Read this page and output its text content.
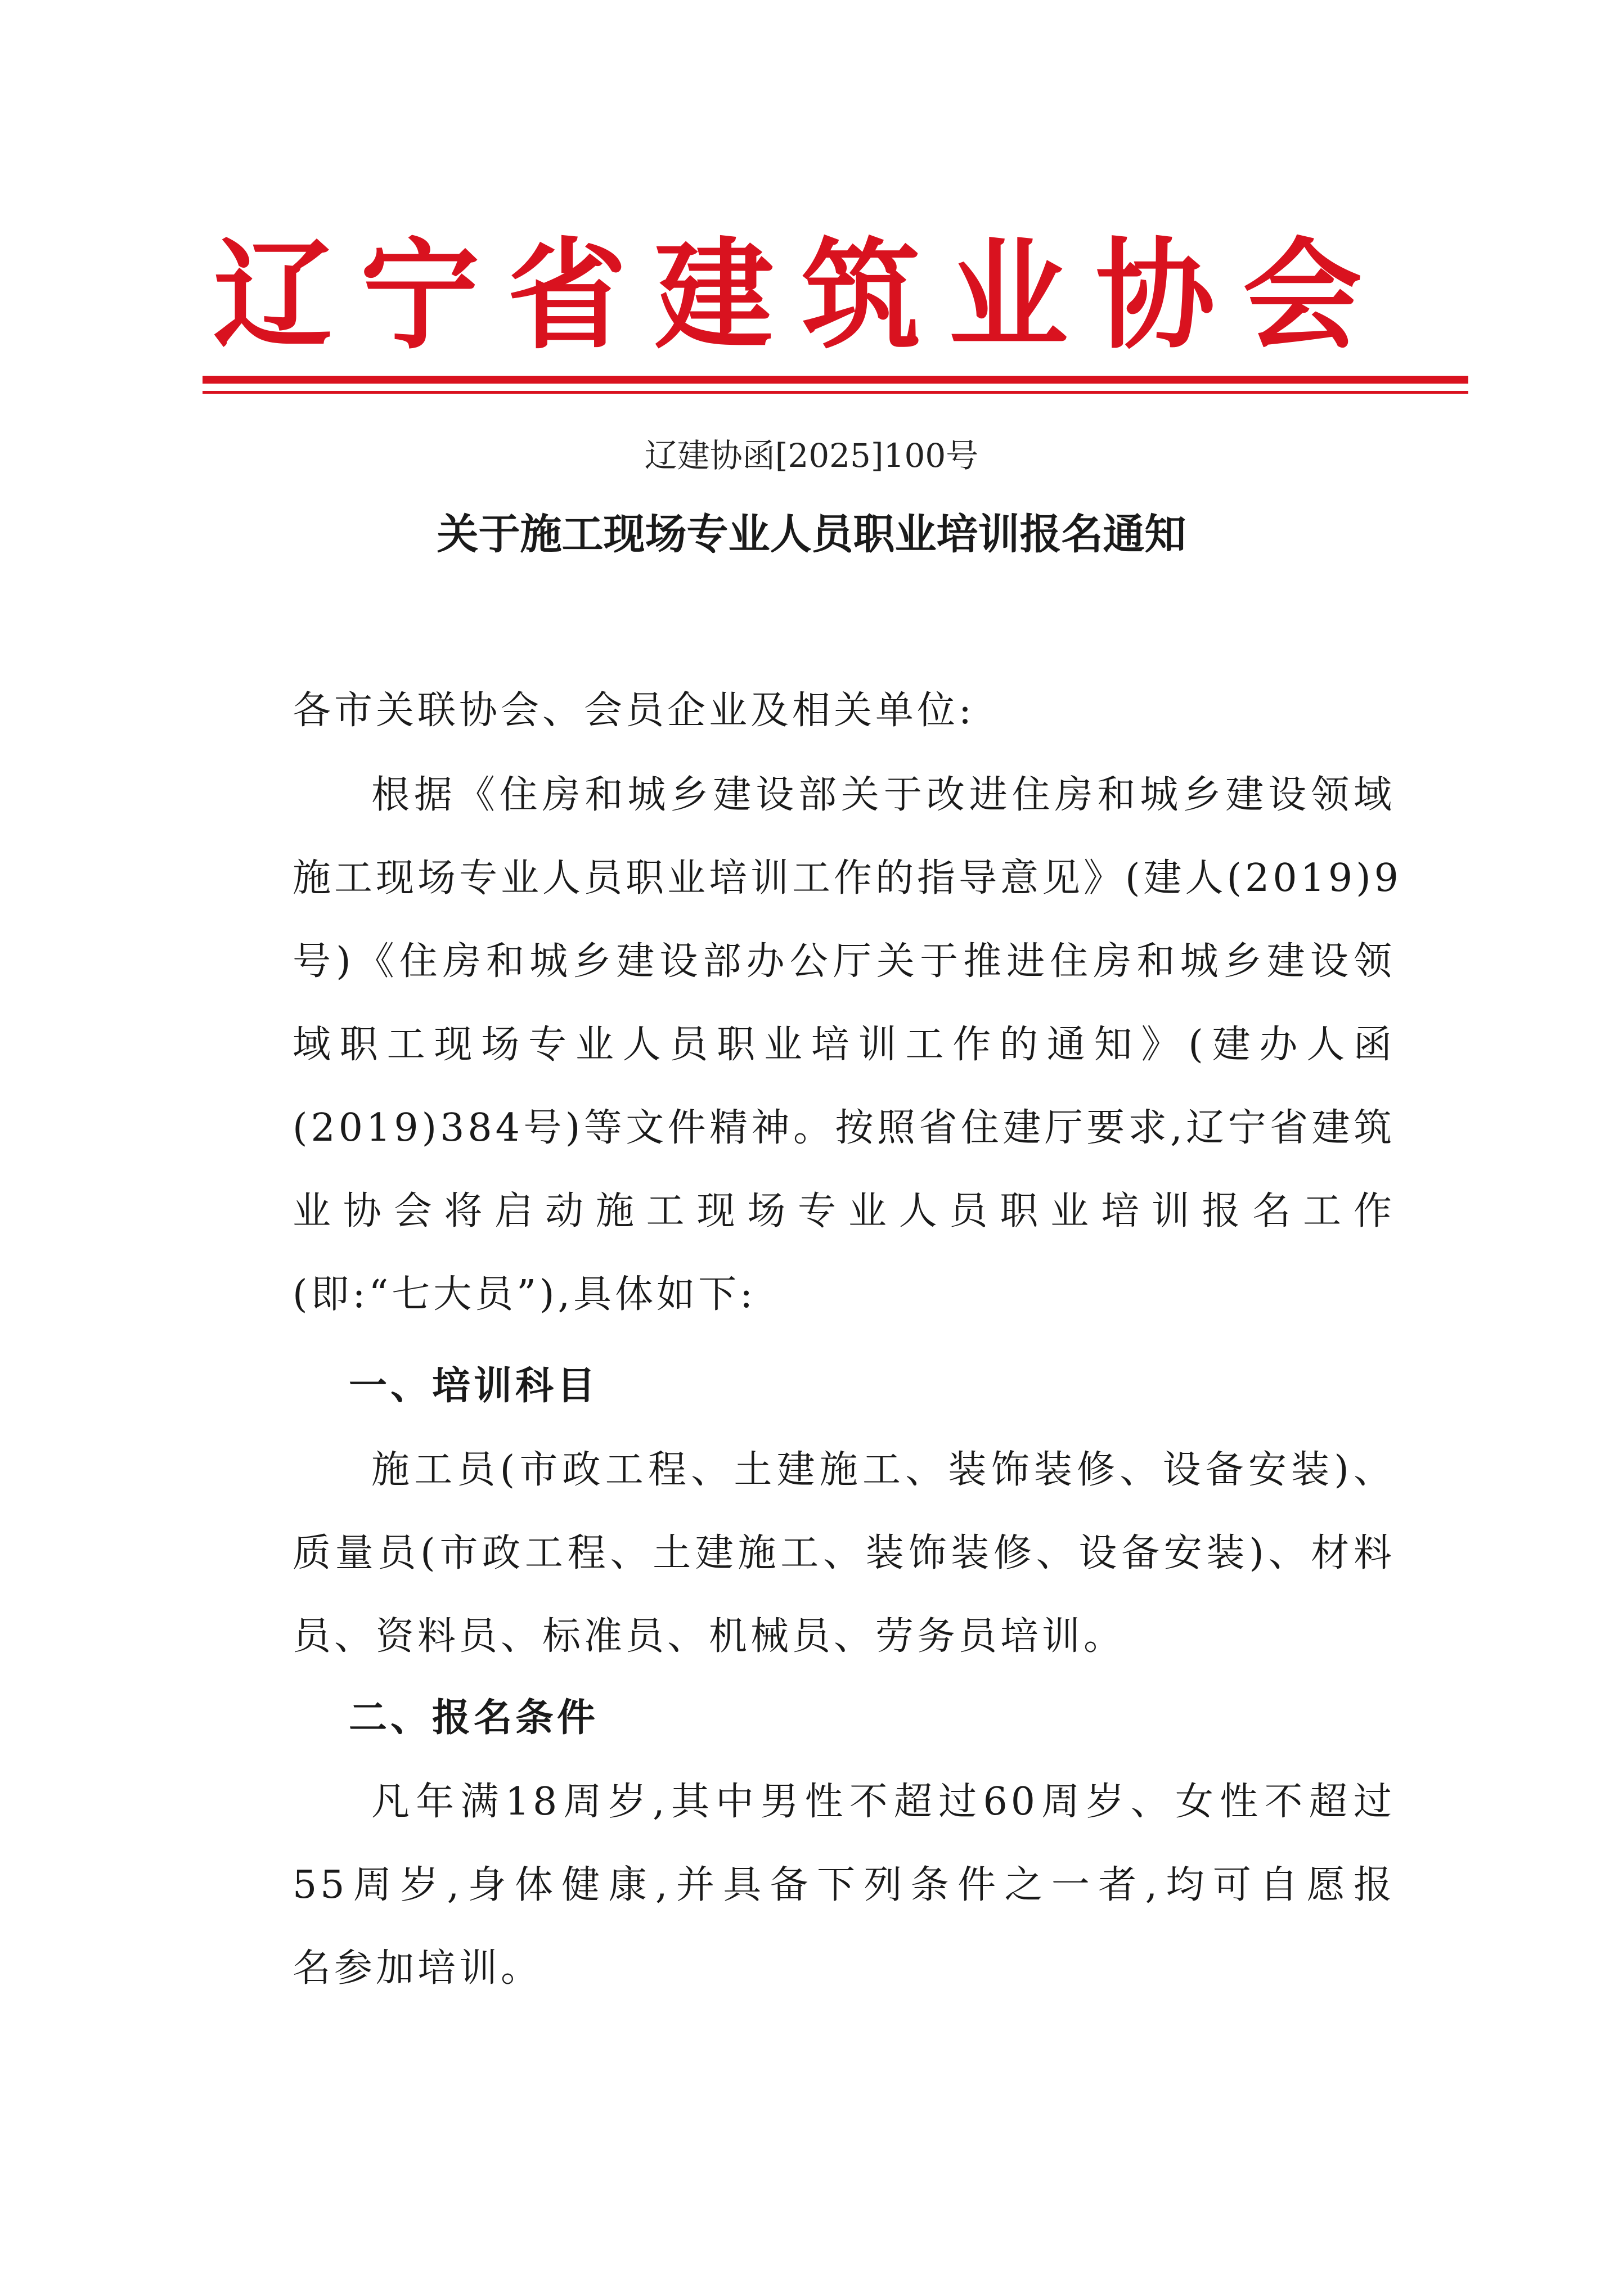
辽 宁 省 建 筑 业 协 会
辽建协函[2025]100号
关于施工现场专业人员职业培训报名通知
各市关联协会、会员企业及相关单位:
根据《住房和城乡建设部关于改进住房和城乡建设领域
施工现场专业人员职业培训工作的指导意见》(建人(2019)9
号)《住房和城乡建设部办公厅关于推进住房和城乡建设领
域职工现场专业人员职业培训工作的通知》(建办人函
(2019)384号)等文件精神。按照省住建厅要求,辽宁省建筑
业协会将启动施工现场专业人员职业培训报名工作
(即:“七大员”),具体如下:
一、培训科目
施工员(市政工程、土建施工、装饰装修、设备安装)、
质量员(市政工程、土建施工、装饰装修、设备安装)、材料
员、资料员、标准员、机械员、劳务员培训。
二、报名条件
凡年满18周岁,其中男性不超过60周岁、女性不超过
55周岁,身体健康,并具备下列条件之一者,均可自愿报
名参加培训。
